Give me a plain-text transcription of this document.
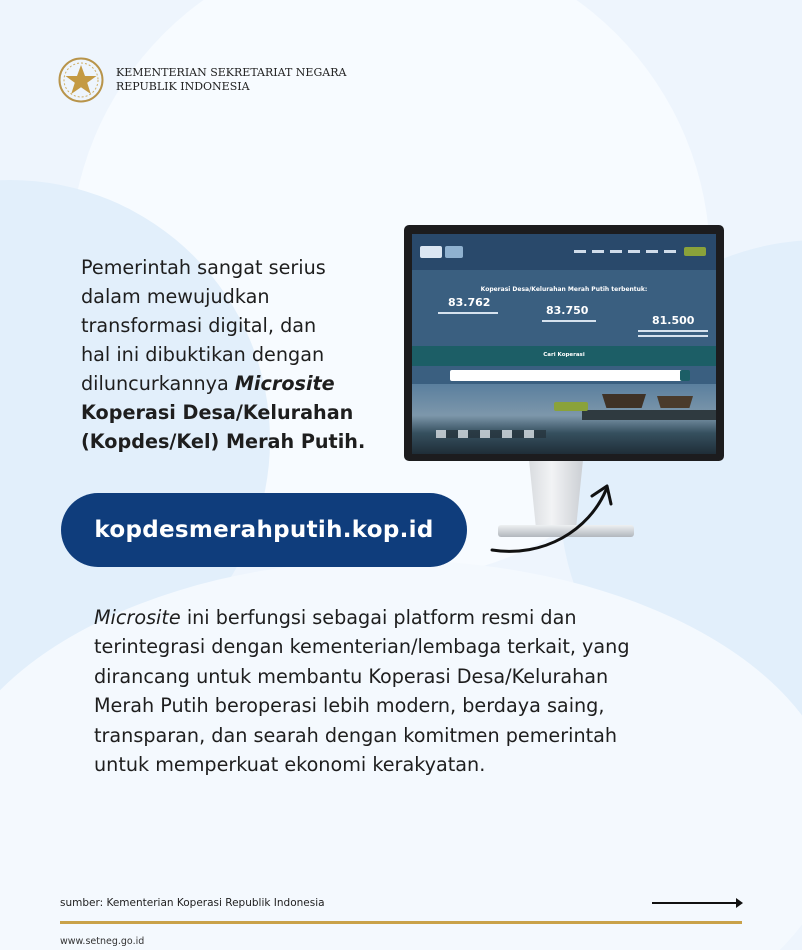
KEMENTERIAN SEKRETARIAT NEGARA
REPUBLIK INDONESIA
Pemerintah sangat serius
dalam mewujudkan
transformasi digital, dan
hal ini dibuktikan dengan
diluncurkannya Microsite
Koperasi Desa/Kelurahan
(Kopdes/Kel) Merah Putih.
Koperasi Desa/Kelurahan Merah Putih terbentuk:
83.762
83.750
81.500
Cari Koperasi
kopdesmerahputih.kop.id
Microsite ini berfungsi sebagai platform resmi dan
terintegrasi dengan kementerian/lembaga terkait, yang
dirancang untuk membantu Koperasi Desa/Kelurahan
Merah Putih beroperasi lebih modern, berdaya saing,
transparan, dan searah dengan komitmen pemerintah
untuk memperkuat ekonomi kerakyatan.
sumber: Kementerian Koperasi Republik Indonesia
www.setneg.go.id
